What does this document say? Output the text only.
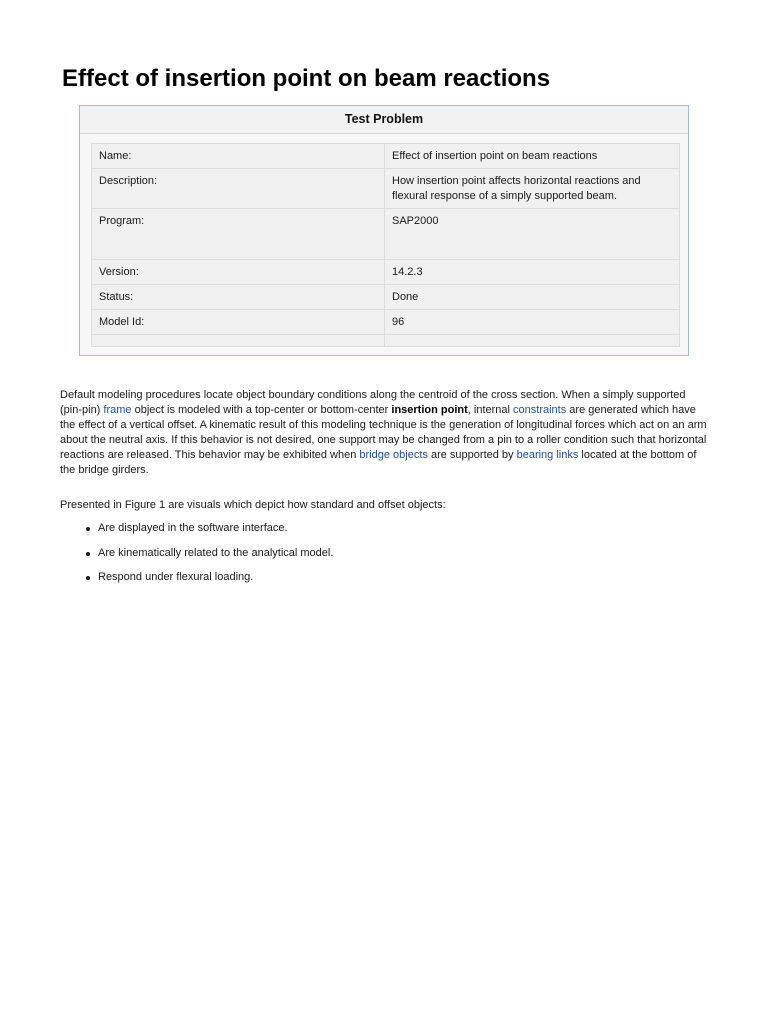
Effect of insertion point on beam reactions
Test Problem
Name:	Effect of insertion point on beam reactions
Description:	How insertion point affects horizontal reactions and flexural response of a simply supported beam.
Program:	SAP2000
Version:	14.2.3
Status:	Done
Model Id:	96

Default modeling procedures locate object boundary conditions along the centroid of the cross section. When a simply supported (pin-pin) frame object is modeled with a top-center or bottom-center insertion point, internal constraints are generated which have the effect of a vertical offset. A kinematic result of this modeling technique is the generation of longitudinal forces which act on an arm about the neutral axis. If this behavior is not desired, one support may be changed from a pin to a roller condition such that horizontal reactions are released. This behavior may be exhibited when bridge objects are supported by bearing links located at the bottom of the bridge girders.

Presented in Figure 1 are visuals which depict how standard and offset objects:

Are displayed in the software interface.
Are kinematically related to the analytical model.
Respond under flexural loading.
